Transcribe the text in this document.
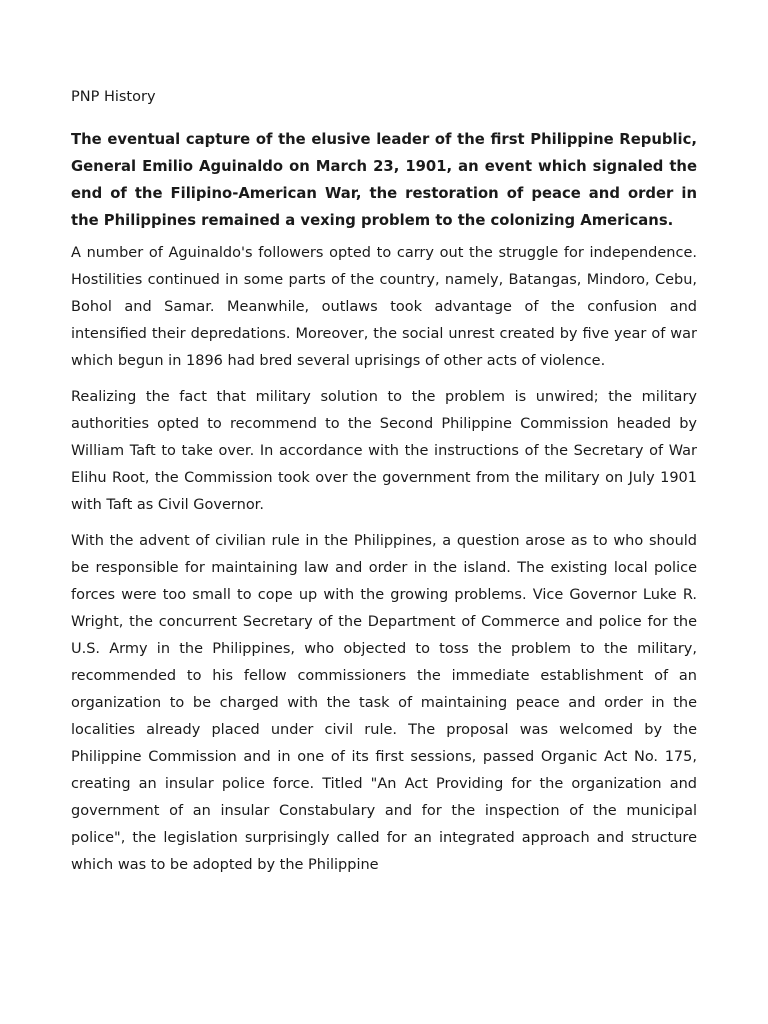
PNP History

The eventual capture of the elusive leader of the first Philippine Republic, General Emilio Aguinaldo on March 23, 1901, an event which signaled the end of the Filipino-American War, the restoration of peace and order in the Philippines remained a vexing problem to the colonizing Americans.

A number of Aguinaldo's followers opted to carry out the struggle for independence. Hostilities continued in some parts of the country, namely, Batangas, Mindoro, Cebu, Bohol and Samar. Meanwhile, outlaws took advantage of the confusion and intensified their depredations. Moreover, the social unrest created by five year of war which begun in 1896 had bred several uprisings of other acts of violence.

Realizing the fact that military solution to the problem is unwired; the military authorities opted to recommend to the Second Philippine Commission headed by William Taft to take over. In accordance with the instructions of the Secretary of War Elihu Root, the Commission took over the government from the military on July 1901 with Taft as Civil Governor.

With the advent of civilian rule in the Philippines, a question arose as to who should be responsible for maintaining law and order in the island. The existing local police forces were too small to cope up with the growing problems. Vice Governor Luke R. Wright, the concurrent Secretary of the Department of Commerce and police for the U.S. Army in the Philippines, who objected to toss the problem to the military, recommended to his fellow commissioners the immediate establishment of an organization to be charged with the task of maintaining peace and order in the localities already placed under civil rule. The proposal was welcomed by the Philippine Commission and in one of its first sessions, passed Organic Act No. 175, creating an insular police force. Titled "An Act Providing for the organization and government of an insular Constabulary and for the inspection of the municipal police", the legislation surprisingly called for an integrated approach and structure which was to be adopted by the Philippine
